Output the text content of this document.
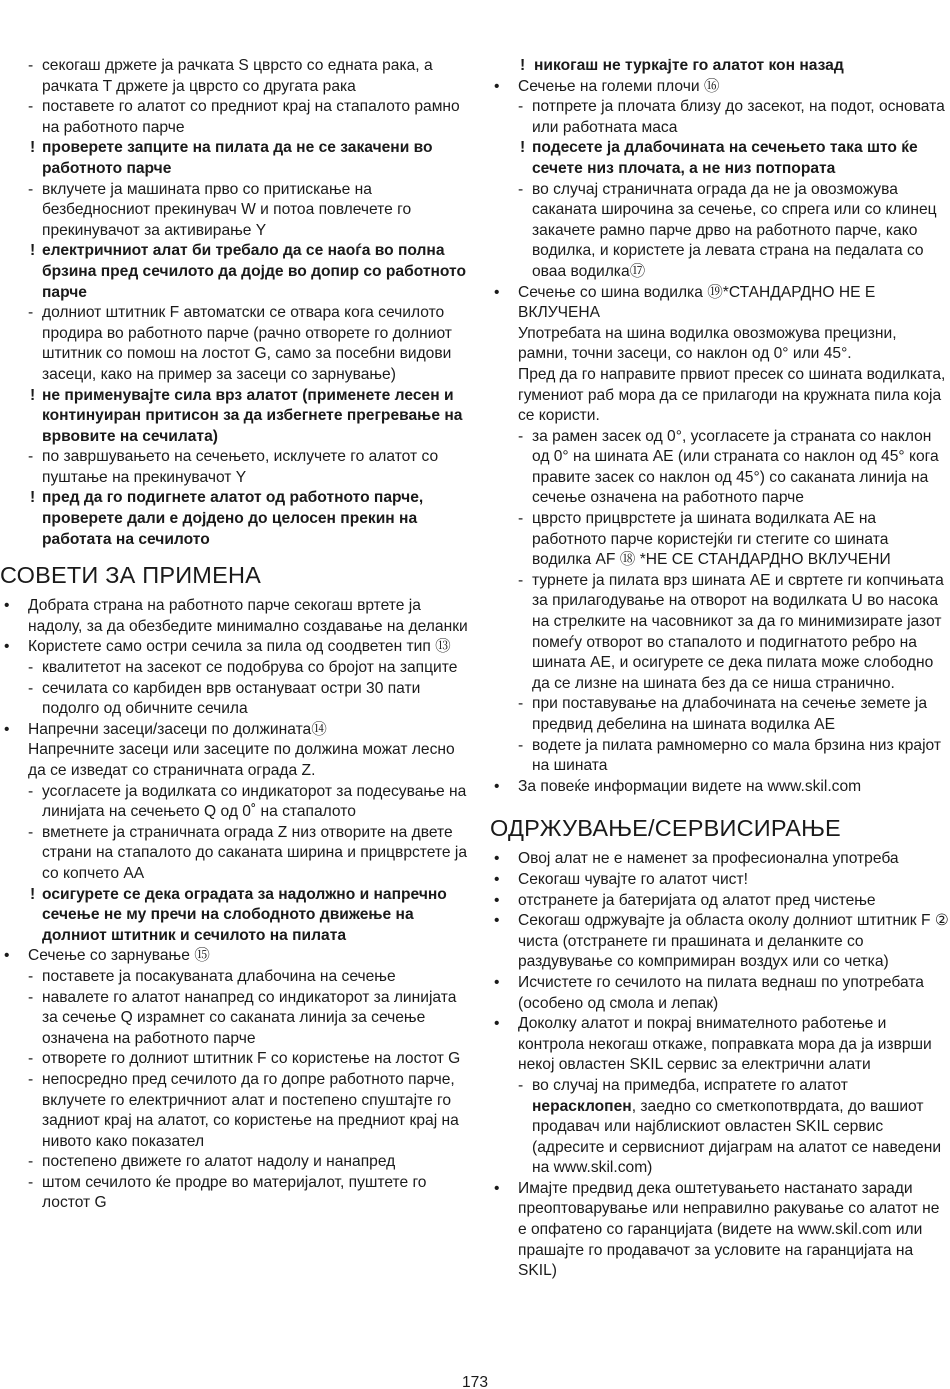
- секогаш држете ја рачката S цврсто со едната рака, а рачката T држете ја цврсто со другата рака
- поставете го алатот со предниот крај на стапалото рамно на работното парче
! проверете запците на пилата да не се закачени во работното парче
- вклучете ја машината прво со притискање на безбедносниот прекинувач W и потоа повлечете го прекинувачот за активирање Y
! електричниот алат би требало да се наоѓа во полна брзина пред сечилото да дојде во допир со работното парче
- долниот штитник F автоматски се отвара кога сечилото продира во работното парче (рачно отворете го долниот штитник со помош на лостот G, само за посебни видови засеци, како на пример за засеци со зарнување)
! не применувајте сила врз алатот (применете лесен и континуиран притисон за да избегнете прегревање на врвовите на сечилата)
- по завршувањето на сечењето, исклучете го алатот со пуштање на прекинувачот Y
! пред да го подигнете алатот од работното парче, проверете дали е дојдено до целосен прекин на работата на сечилото
СОВЕТИ ЗА ПРИМЕНА
• Добрата страна на работното парче секогаш вртете ја надолу, за да обезбедите минимално создавање на деланки
• Користете само остри сечила за пила од соодветен тип ⑬
- квалитетот на засекот се подобрува со бројот на запците
- сечилата со карбиден врв остануваат остри 30 пати подолго од обичните сечила
• Напречни засеци/засеци по должината⑭
Напречните засеци или засеците по должина можат лесно да се изведат со страничната ограда Z.
- усогласете ја водилката со индикаторот за подесување на линијата на сечењето Q од 0˚ на стапалото
- вметнете ја страничната ограда Z низ отворите на двете страни на стапалото до саканата ширина и прицврстете ја со копчето AA
! осигурете се дека оградата за надолжно и напречно сечење не му пречи на слободното движење на долниот штитник и сечилото на пилата
• Сечење со зарнување ⑮
- поставете ја посакуваната длабочина на сечење
- навалете го алатот нанапред со индикаторот за линијата за сечење Q израмнет со саканата линија за сечење означена на работното парче
- отворете го долниот штитник F со користење на лостот G
- непосредно пред сечилото да го допре работното парче, вклучете го електричниот алат и постепено спуштајте го задниот крај на алатот, со користење на предниот крај на нивото како показател
- постепено движете го алатот надолу и нанапред
- штом сечилото ќе продре во материјалот, пуштете го лостот G
! никогаш не туркајте го алатот кон назад
• Сечење на големи плочи ⑯
- потпрете ја плочата близу до засекот, на подот, основата или работната маса
! подесете ја длабочината на сечењето така што ќе сечете низ плочата, а не низ потпората
- во случај страничната ограда да не ја овозможува саканата широчина за сечење, со спрега или со клинец закачете рамно парче дрво на работното парче, како водилка, и користете ја левата страна на педалата со оваа водилка⑰
• Сечење со шина водилка ⑲*СТАНДАРДНО НЕ Е ВКЛУЧЕНА
Употребата на шина водилка овозможува прецизни, рамни, точни засеци, со наклон од 0° или 45°.
Пред да го направите првиот пресек со шината водилката, гумениот раб мора да се прилагоди на кружната пила која се користи.
- за рамен засек од 0°, усогласете ја страната со наклон од 0° на шината AE (или страната со наклон од 45° кога правите засек со наклон од 45°) со саканата линија на сечење означена на работното парче
- цврсто прицврстете ја шината водилката AE на работното парче користејќи ги стегите со шината водилка AF ⑱ *НЕ СЕ СТАНДАРДНО ВКЛУЧЕНИ
- турнете ја пилата врз шината AE и свртете ги копчињата за прилагодување на отворот на водилката U во насока на стрелките на часовникот за да го минимизирате јазот помеѓу отворот во стапалото и подигнатото ребро на шината AE, и осигурете се дека пилата може слободно да се лизне на шината без да се ниша странично.
- при поставување на длабочината на сечење земете ја предвид дебелина на шината водилка AE
- водете ја пилата рамномерно со мала брзина низ крајот на шината
• За повеќе информации видете на www.skil.com
ОДРЖУВАЊЕ/СЕРВИСИРАЊЕ
• Овој алат не е наменет за професионална употреба
• Секогаш чувајте го алатот чист!
• отстранете ја батеријата од алатот пред чистење
• Секогаш одржувајте ја областа околу долниот штитник F ② чиста (отстранете ги прашината и деланките со раздувување со компримиран воздух или со четка)
• Исчистете го сечилото на пилата веднаш по употребата (особено од смола и лепак)
• Доколку алатот и покрај внимателното работење и контрола некогаш откаже, поправката мора да ја изврши некој овластен SKIL сервис за електрични алати
- во случај на примедба, испратете го алатот нерасклопен, заедно со сметкопотврдата, до вашиот продавач или најблискиот овластен SKIL сервис (адресите и сервисниот дијаграм на алатот се наведени на www.skil.com)
• Имајте предвид дека оштетувањето настанато заради преоптоварување или неправилно ракување со алатот не е опфатено со гаранцијата (видете на www.skil.com или прашајте го продавачот за условите на гаранцијата на SKIL)
173
